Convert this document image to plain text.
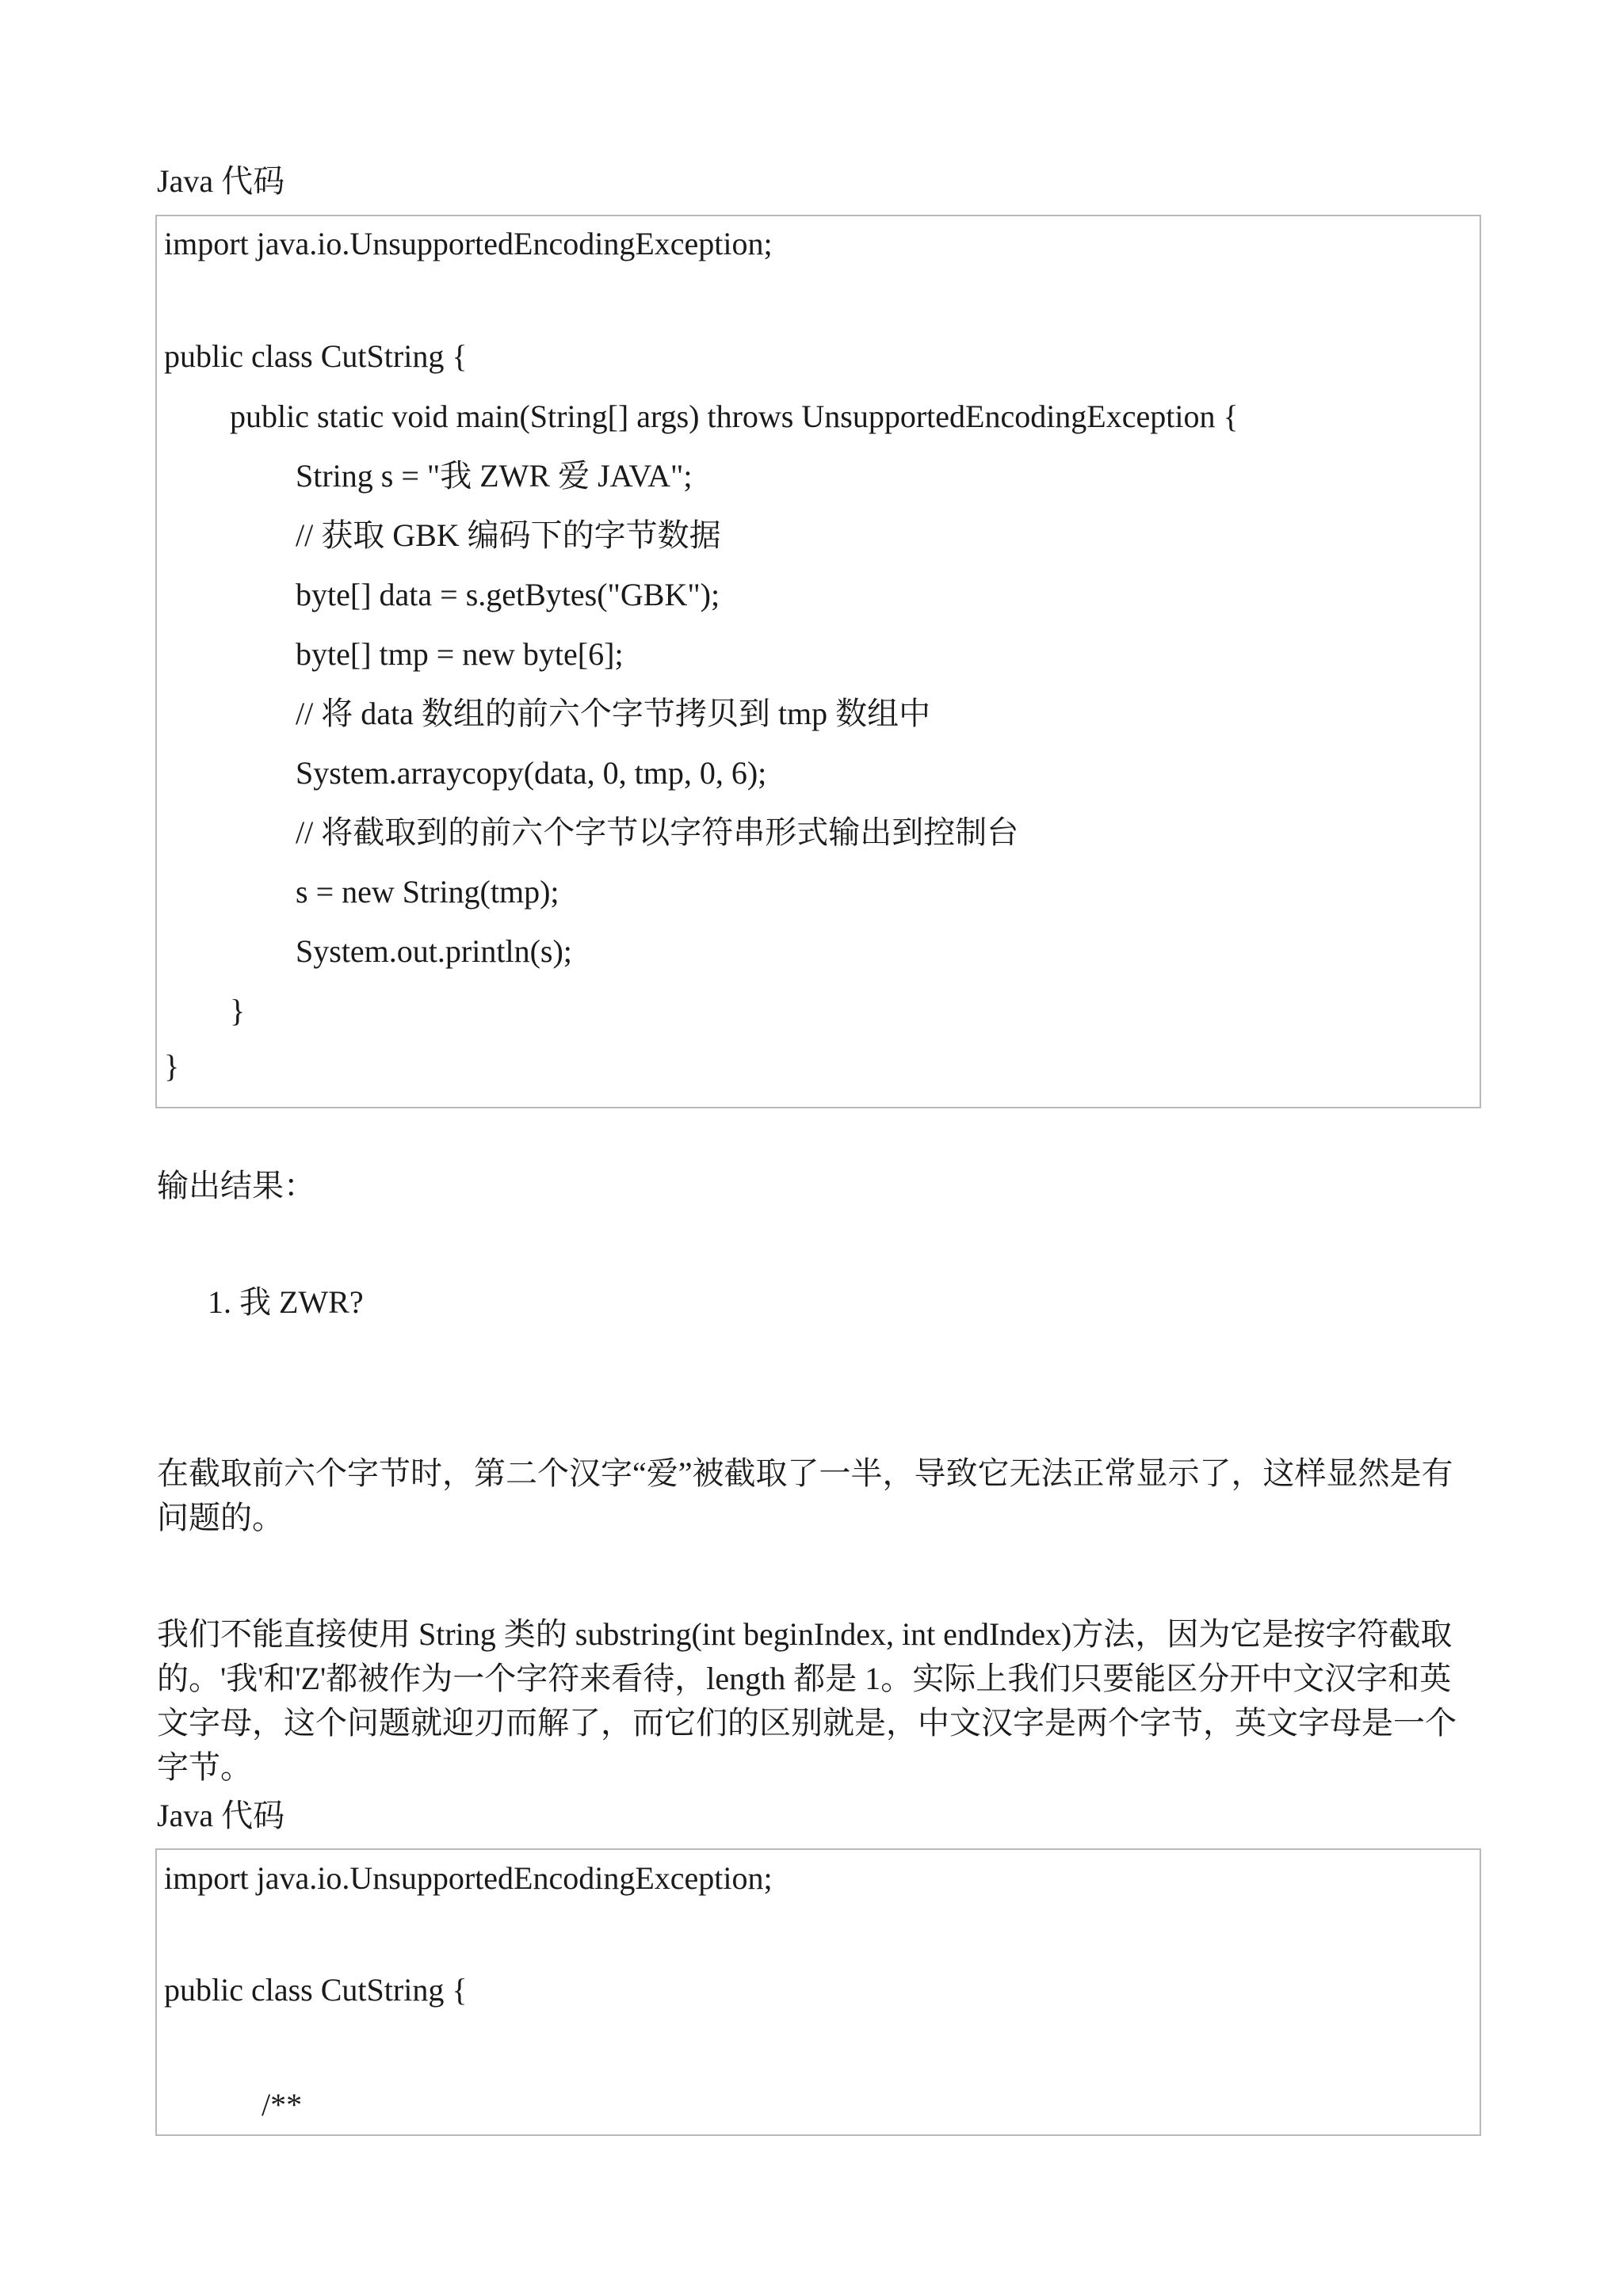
Java 代码
import java.io.UnsupportedEncodingException;
public class CutString {
public static void main(String[] args) throws UnsupportedEncodingException {
String s = "我 ZWR 爱 JAVA";
// 获取 GBK 编码下的字节数据
byte[] data = s.getBytes("GBK");
byte[] tmp = new byte[6];
// 将 data 数组的前六个字节拷贝到 tmp 数组中
System.arraycopy(data, 0, tmp, 0, 6);
// 将截取到的前六个字节以字符串形式输出到控制台
s = new String(tmp);
System.out.println(s);
}
}
输出结果：
1. 我 ZWR?
在截取前六个字节时，第二个汉字“爱”被截取了一半，导致它无法正常显示了，这样显然是有问题的。
我们不能直接使用 String 类的 substring(int beginIndex, int endIndex)方法，因为它是按字符截取的。'我'和'Z'都被作为一个字符来看待，length 都是 1。实际上我们只要能区分开中文汉字和英文字母，这个问题就迎刃而解了，而它们的区别就是，中文汉字是两个字节，英文字母是一个字节。
Java 代码
import java.io.UnsupportedEncodingException;
public class CutString {
/**
